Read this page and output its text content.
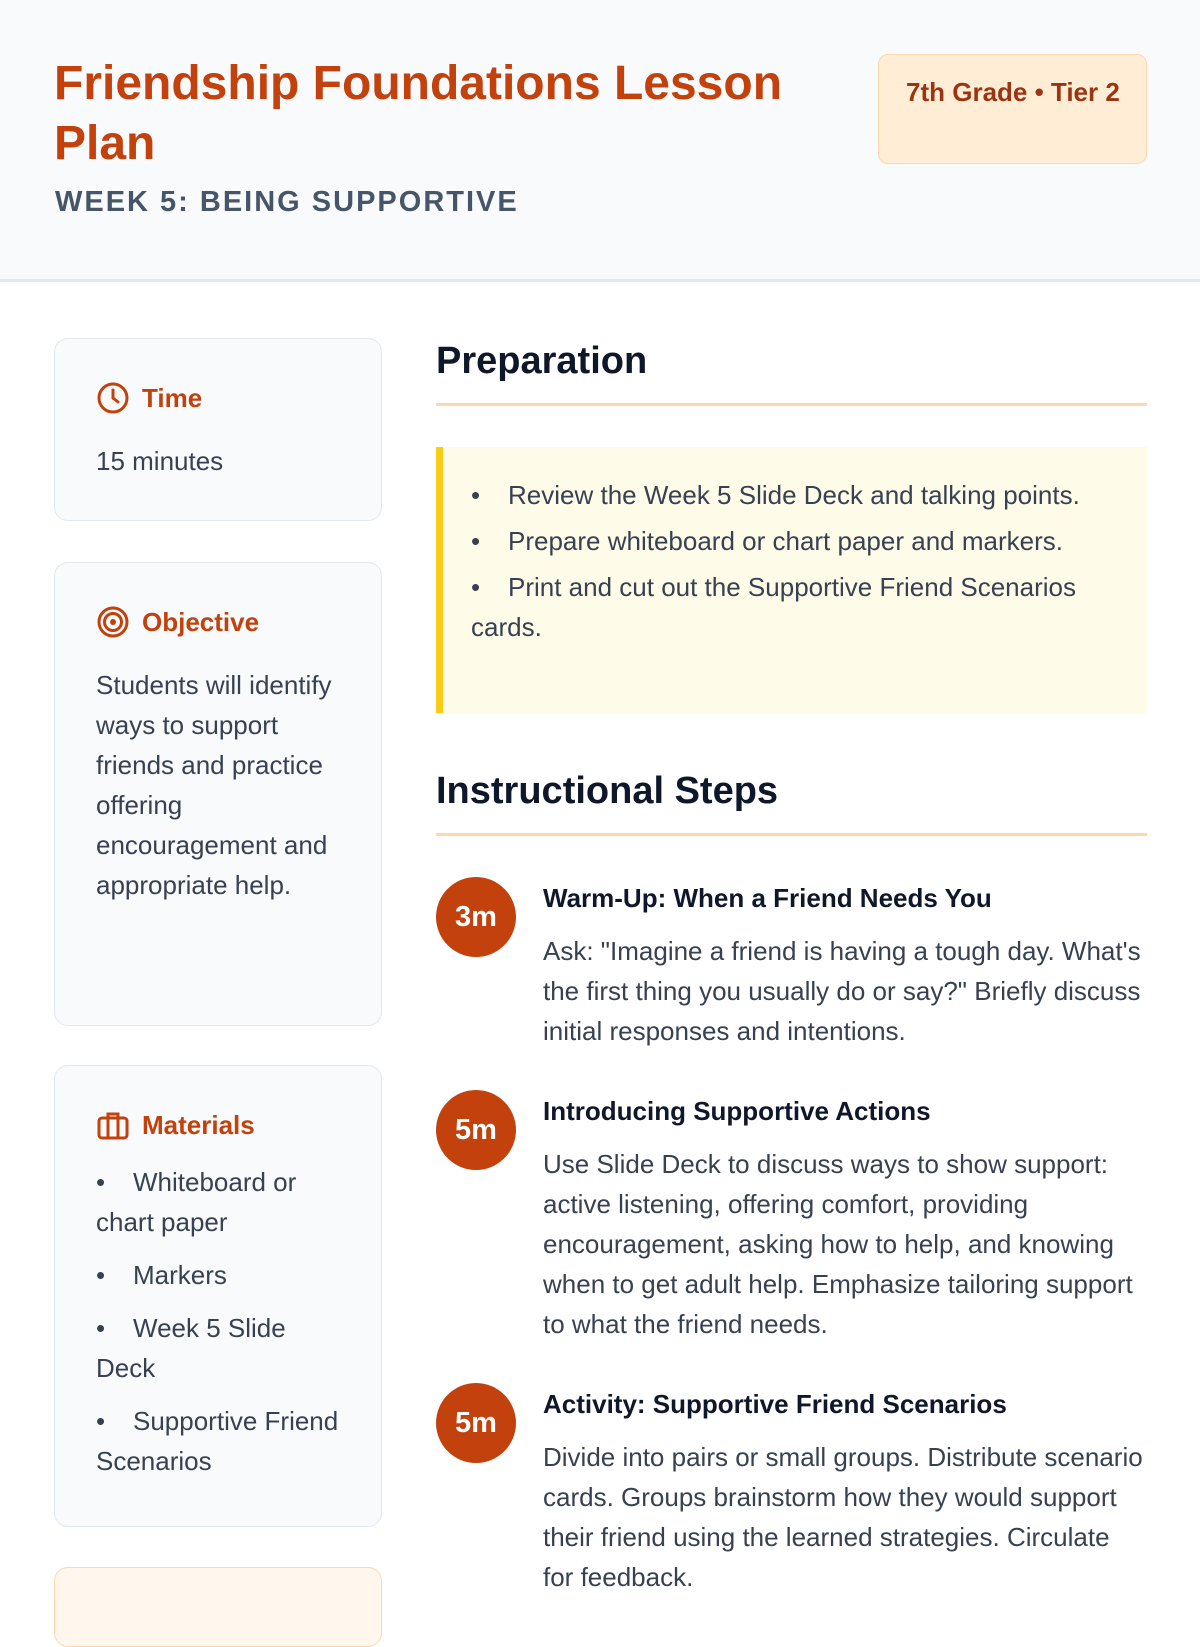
Friendship Foundations Lesson Plan
WEEK 5: BEING SUPPORTIVE
7th Grade • Tier 2
Time
15 minutes
Objective
Students will identify ways to support friends and practice offering encouragement and appropriate help.
Materials
• Whiteboard or chart paper
• Markers
• Week 5 Slide Deck
• Supportive Friend Scenarios
Preparation
• Review the Week 5 Slide Deck and talking points.
• Prepare whiteboard or chart paper and markers.
• Print and cut out the Supportive Friend Scenarios cards.
Instructional Steps
3m
Warm-Up: When a Friend Needs You
Ask: "Imagine a friend is having a tough day. What's the first thing you usually do or say?" Briefly discuss initial responses and intentions.
5m
Introducing Supportive Actions
Use Slide Deck to discuss ways to show support: active listening, offering comfort, providing encouragement, asking how to help, and knowing when to get adult help. Emphasize tailoring support to what the friend needs.
5m
Activity: Supportive Friend Scenarios
Divide into pairs or small groups. Distribute scenario cards. Groups brainstorm how they would support their friend using the learned strategies. Circulate for feedback.
